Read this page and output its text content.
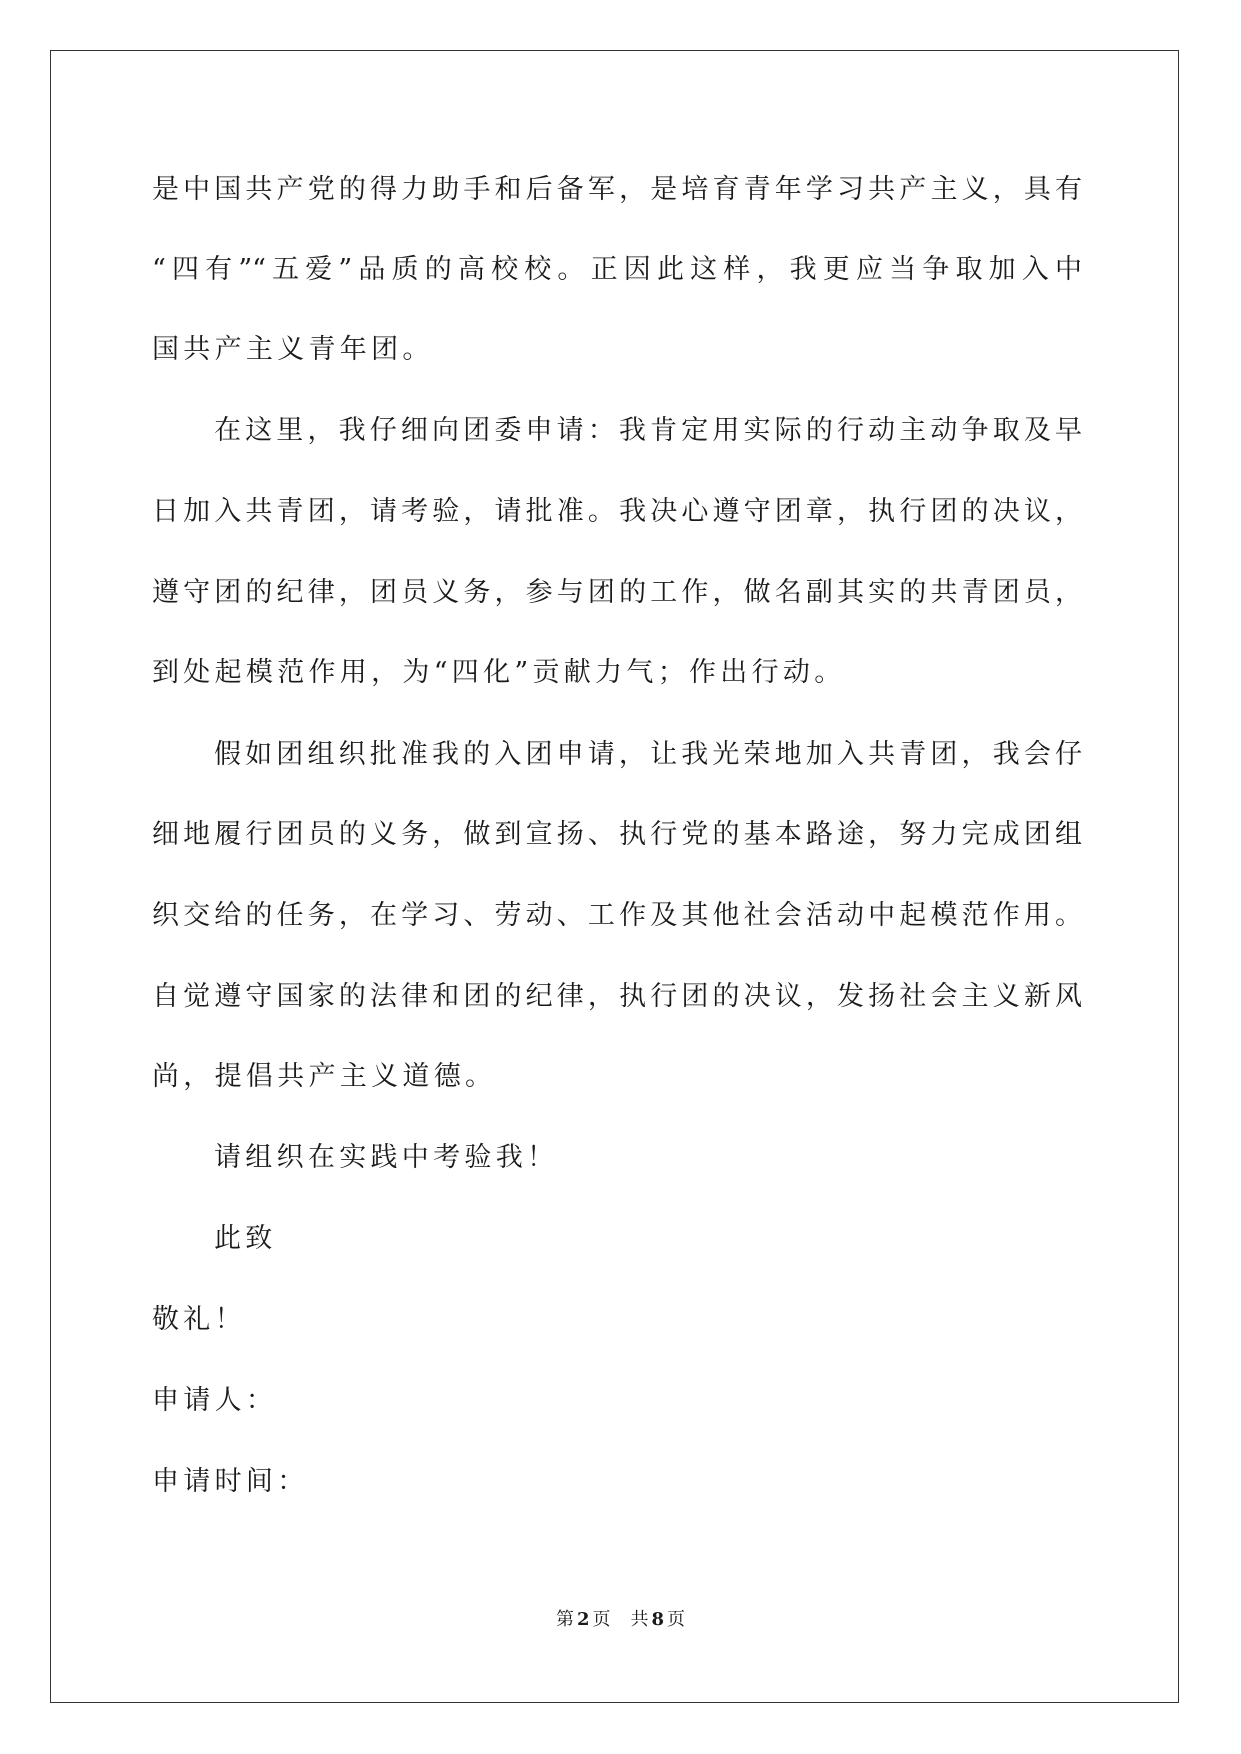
是中国共产党的得力助手和后备军，是培育青年学习共产主义，具有
“四有”“五爱”品质的高校校。正因此这样，我更应当争取加入中
国共产主义青年团。
在这里，我仔细向团委申请：我肯定用实际的行动主动争取及早
日加入共青团，请考验，请批准。我决心遵守团章，执行团的决议，
遵守团的纪律，团员义务，参与团的工作，做名副其实的共青团员，
到处起模范作用，为“四化”贡献力气；作出行动。
假如团组织批准我的入团申请，让我光荣地加入共青团，我会仔
细地履行团员的义务，做到宣扬、执行党的基本路途，努力完成团组
织交给的任务，在学习、劳动、工作及其他社会活动中起模范作用。
自觉遵守国家的法律和团的纪律，执行团的决议，发扬社会主义新风
尚，提倡共产主义道德。
请组织在实践中考验我！
此致
敬礼！
申请人：
申请时间：
第 2 页 共 8 页
